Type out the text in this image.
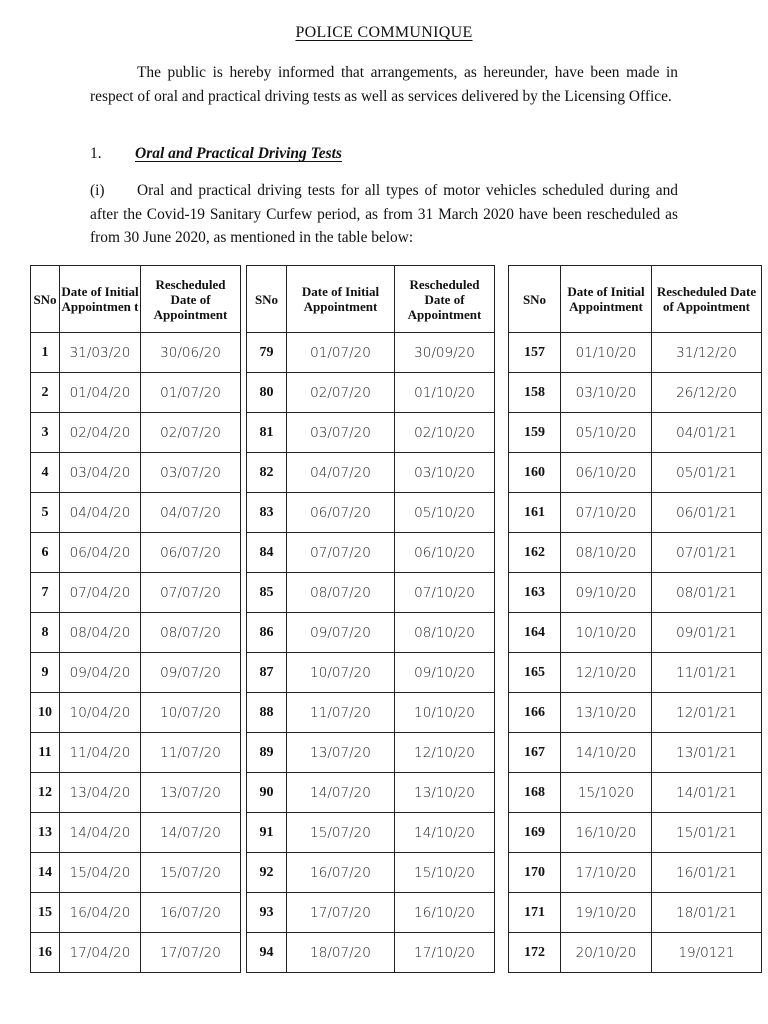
POLICE COMMUNIQUE
The public is hereby informed that arrangements, as hereunder, have been made in respect of oral and practical driving tests as well as services delivered by the Licensing Office.
1. Oral and Practical Driving Tests
(i) Oral and practical driving tests for all types of motor vehicles scheduled during and after the Covid-19 Sanitary Curfew period, as from 31 March 2020 have been rescheduled as from 30 June 2020, as mentioned in the table below:
SNo	Date of Initial Appointmen t	Rescheduled Date of Appointment		SNo	Date of Initial Appointment	Rescheduled Date of Appointment		SNo	Date of Initial Appointment	Rescheduled Date of Appointment
1	31/03/20	30/06/20		79	01/07/20	30/09/20		157	01/10/20	31/12/20
2	01/04/20	01/07/20		80	02/07/20	01/10/20		158	03/10/20	26/12/20
3	02/04/20	02/07/20		81	03/07/20	02/10/20		159	05/10/20	04/01/21
4	03/04/20	03/07/20		82	04/07/20	03/10/20		160	06/10/20	05/01/21
5	04/04/20	04/07/20		83	06/07/20	05/10/20		161	07/10/20	06/01/21
6	06/04/20	06/07/20		84	07/07/20	06/10/20		162	08/10/20	07/01/21
7	07/04/20	07/07/20		85	08/07/20	07/10/20		163	09/10/20	08/01/21
8	08/04/20	08/07/20		86	09/07/20	08/10/20		164	10/10/20	09/01/21
9	09/04/20	09/07/20		87	10/07/20	09/10/20		165	12/10/20	11/01/21
10	10/04/20	10/07/20		88	11/07/20	10/10/20		166	13/10/20	12/01/21
11	11/04/20	11/07/20		89	13/07/20	12/10/20		167	14/10/20	13/01/21
12	13/04/20	13/07/20		90	14/07/20	13/10/20		168	15/1020	14/01/21
13	14/04/20	14/07/20		91	15/07/20	14/10/20		169	16/10/20	15/01/21
14	15/04/20	15/07/20		92	16/07/20	15/10/20		170	17/10/20	16/01/21
15	16/04/20	16/07/20		93	17/07/20	16/10/20		171	19/10/20	18/01/21
16	17/04/20	17/07/20		94	18/07/20	17/10/20		172	20/10/20	19/0121
